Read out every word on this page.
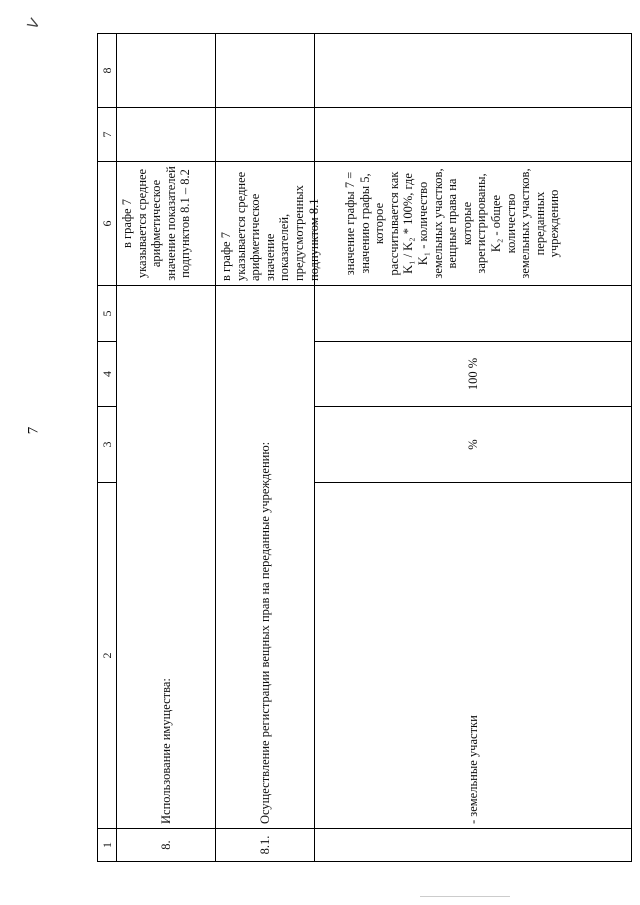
ᐯ
7
1
2
3
4
5
6
7
8
8.
Использование имущества:
в графе 7 указывается среднее арифметическое значение показателей подпунктов 8.1 – 8.2
8.1.
Осуществление регистрации вещных прав на переданные учреждению:
в графе 7 указывается среднее арифметическое значение показателей, предусмотренных подпунктом 8.1
- земельные участки
%
100 %
значение графы 7 = значению графы 5, которое рассчитывается как K₁ / K₂ * 100%, где K₁ - количество земельных участков, вещные права на которые зарегистрированы, K₂ - общее количество земельных участков, переданных учреждению
